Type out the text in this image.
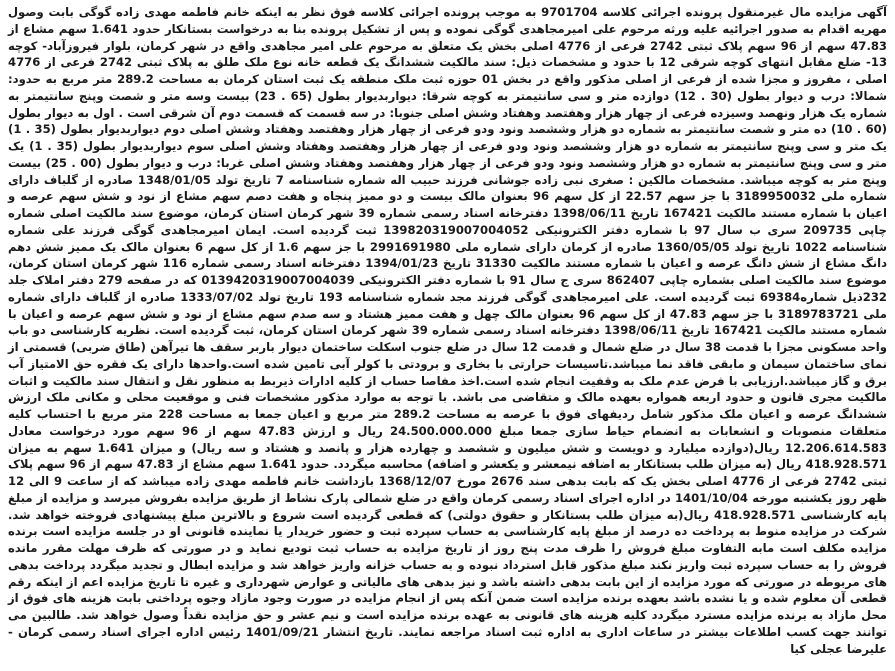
آگهی مزایده مال غیرمنقول پرونده اجرائی کلاسه 9701704 به موجب پرونده اجرائی کلاسه فوق نظر به اینکه خانم فاطمه مهدی زاده گوگی بابت وصول مهریه اقدام به صدور اجرائیه علیه ورثه مرحوم علی امیرمجاهدی گوگی نموده و پس از تشکیل پرونده بنا به درخواست بستانکار حدود 1.641 سهم مشاع از 47.83 سهم از 96 سهم پلاک ثبتی 2742 فرعی از 4776 اصلی بخش یک متعلق به مرحوم علی امیر مجاهدی واقع در شهر کرمان، بلوار فیروزآباد- کوچه 13- ضلع مقابل انتهای کوچه شرقی 12 با حدود و مشخصات ذیل: سند مالکیت ششدانگ یک قطعه خانه نوع ملک طلق به پلاک ثبتی 2742 فرعی از 4776 اصلی ، مفروز و مجزا شده از فرعی از اصلی مذکور واقع در بخش 01 حوزه ثبت ملک منطقه یک ثبت استان کرمان به مساحت 289.2 متر مربع به حدود: شمالا: درب و دیوار بطول (30 . 12) دوازده متر و سی سانتیمتر به کوچه شرقا: دیواربدیوار بطول (65 . 23) بیست وسه متر و شصت وپنج سانتیمتر به شماره یک هزار ونهصد وسیزده فرعی از چهار هزار وهفتصد وهفتاد وشش اصلی جنوبا: در سه قسمت که قسمت دوم آن شرقی است . اول به دیوار بطول (60 . 10) ده متر و شصت سانتیمتر به شماره دو هزار وششصد ونود ودو فرعی از چهار هزار وهفتصد وهفتاد وشش اصلی دوم دیواربدیوار بطول (35 . 1) یک متر و سی وپنج سانتیمتر به شماره دو هزار وششصد ونود ودو فرعی از چهار هزار وهفتصد وهفتاد وشش اصلی سوم دیواربدیوار بطول (35 . 1) یک متر و سی وپنج سانتیمتر به شماره دو هزار وششصد ونود ودو فرعی از چهار هزار وهفتصد وهفتاد وشش اصلی غربا: درب و دیوار بطول (00 . 25) بیست وپنج متر به کوچه میباشد. مشخصات مالکین : صغری نبی زاده جوشانی فرزند حبیب اله شماره شناسنامه 7 تاریخ تولد 1348/01/05 صادره از گلباف دارای شماره ملی 3189950032 با جز سهم 22.57 از کل سهم 96 بعنوان مالک بیست و دو ممیز پنجاه و هفت دصم سهم مشاع از نود و شش سهم عرصه و اعیان با شماره مستند مالکیت 167421 تاریخ 1398/06/11 دفترخانه اسناد رسمی شماره 39 شهر کرمان استان کرمان، موضوع سند مالکیت اصلی شماره چاپی 209735 سری ب سال 97 با شماره دفتر الکترونیکی 139820319007004052 ثبت گردیده است. ایمان امیرمجاهدی گوگی فرزند علی شماره شناسنامه 1022 تاریخ تولد 1360/05/05 صادره از کرمان دارای شماره ملی 2991691980 با جز سهم 1.6 از کل سهم 6 بعنوان مالک یک ممیز شش دهم دانگ مشاع از شش دانگ عرصه و اعیان با شماره مستند مالکیت 31330 تاریخ 1394/01/23 دفترخانه اسناد رسمی شماره 116 شهر کرمان استان کرمان، موضوع سند مالکیت اصلی بشماره چاپی 862407 سری ج سال 91 با شماره دفتر الکترونیکی 013942031900700403​9 که در صفحه 279 دفتر املاک جلد 232ذیل شماره69384 ثبت گردیده است. علی امیرمجاهدی گوگی فرزند مجد شماره شناسنامه 193 تاریخ تولد 1333/07/02 صادره از گلباف دارای شماره ملی 3189783721 با جز سهم 47.83 از کل سهم 96 بعنوان مالک چهل و هفت ممیز هشتاد و سه صدم سهم مشاع از نود و شش سهم عرصه و اعیان با شماره مستند مالکیت 167421 تاریخ 1398/06/11 دفترخانه اسناد رسمی شماره 39 شهر کرمان استان کرمان، ثبت گردیده است. نظریه کارشناسی دو باب واحد مسکونی مجزا با قدمت 38 سال در ضلع شمال و قدمت 12 سال در ضلع جنوب اسکلت ساختمان دیوار باربر سقف ها تیرآهن (طاق ضربی) قسمتی از نمای ساختمان سیمان و مابقی فاقد نما میباشد.تاسیسات حرارتی با بخاری و برودتی با کولر آبی تامین شده است.واحدها دارای یک فقره حق الامتیاز آب برق و گاز میباشد.ارزیابی با فرض عدم ملک به وقفیت انجام شده است.اخذ مفاصا حساب از کلیه ادارات ذیربط به منظور نقل و انتقال سند مالکیت و اثبات مالکیت مجری قانون و حدود اربعه همواره بعهده مالک و متقاضی می باشد. با توجه به موارد مذکور مشخصات فنی و موقعیت محلی و مکانی ملک ارزش ششدانگ عرصه و اعیان ملک مذکور شامل ردیفهای فوق با عرصه به مساحت 289.2 متر مربع و اعیان جمعا به مساحت 228 متر مربع با احتساب کلیه متعلقات منصوبات و انشعابات به انضمام حیاط سازی جمعا مبلغ 24.500.000.000 ریال و ارزش 47.83 سهم از 96 سهم مورد درخواست معادل 12.206.614.583 ریال(دوازده میلیارد و دویست و شش میلیون و ششصد و چهارده هزار و پانصد و هشتاد و سه ریال) و میزان 1.641 سهم به میزان 418.928.571 ریال (به میزان طلب بستانکار به اضافه نیمعشر و یکعشر و اضافه) محاسبه میگردد. حدود 1.641 سهم مشاع از 47.83 سهم از 96 سهم پلاک ثبتی 2742 فرعی از 4776 اصلی بخش یک که بابت بدهی سند 2676 مورخ 1368/12/07 بازداشت خانم فاطمه مهدی زاده میباشد که از ساعت 9 الی 12 ظهر روز یکشنبه مورخه 1401/10/04 در اداره اجرای اسناد رسمی کرمان واقع در ضلع شمالی پارک نشاط از طریق مزایده بفروش میرسد و مزایده از مبلغ پایه کارشناسی 418.928.571 ریال(به میزان طلب بستانکار و حقوق دولتی) که قطعی گردیده است شروع و بالاترین مبلغ پیشنهادی فروخته خواهد شد. شرکت در مزایده منوط به پرداخت ده درصد از مبلغ پایه کارشناسی به حساب سپرده ثبت و حضور خریدار یا نماینده قانونی او در جلسه مزایده است برنده مزایده مکلف است مابه التفاوت مبلغ فروش را ظرف مدت پنج روز از تاریخ مزایده به حساب ثبت تودیع نماید و در صورتی که ظرف مهلت مقرر مانده فروش را به حساب سپرده ثبت واریز نکند مبلغ مذکور قابل استرداد نبوده و به حساب خزانه واریز خواهد شد و مزایده ابطال و تجدید میگردد پرداخت بدهی های مربوطه در صورتی که مورد مزایده از این بابت بدهی داشته باشد و نیز بدهی های مالیاتی و عوارض شهرداری و غیره تا تاریخ مزایده اعم از اینکه رقم قطعی آن معلوم شده و یا نشده باشد بعهده برنده مزایده است ضمن آنکه پس از انجام مزایده در صورت وجود مازاد وجوه پرداختی بابت هزینه های فوق از محل مازاد به برنده مزایده مسترد میگردد کلیه هزینه های قانونی به عهده برنده مزایده است و نیم عشر و حق مزایده نقداً وصول خواهد شد. طالبین می توانند جهت کسب اطلاعات بیشتر در ساعات اداری به اداره ثبت اسناد مراجعه نمایند. تاریخ انتشار 1401/09/21 رئیس اداره اجرای اسناد رسمی کرمان - علیرضا عجلی کیا
